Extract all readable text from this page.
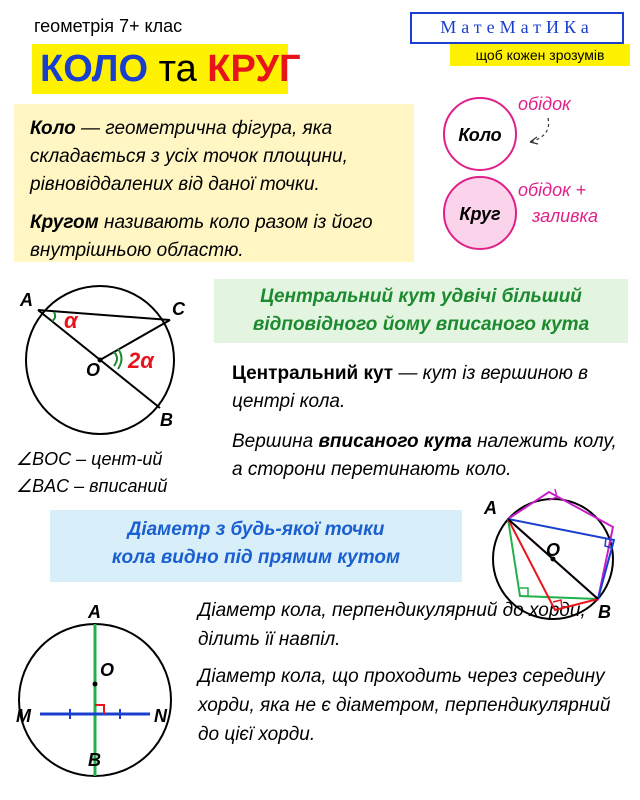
геометрія 7+ клас
КОЛО та КРУГ
МатеМатИКа
щоб кожен зрозумів

Коло — геометрична фігура, яка складається з усіх точок площини, рівновіддалених від даної точки.

Кругом називають коло разом із його внутрішньою областю.

Центральний кут удвічі більший
відповідного йому вписаного кута

Центральний кут — кут із вершиною в центрі кола.

Вершина вписаного кута належить колу, а сторони перетинають коло.

∠BOC – цент-ий
∠BAC – вписаний
Діаметр з будь-якої точки
кола видно під прямим кутом

Діаметр кола, перпендикулярний до хорди, ділить її навпіл.

Діаметр кола, що проходить через середину хорди, яка не є діаметром, перпендикулярний до цієї хорди.

Коло
Круг
обідок
обідок +
заливка
A	C
O
B
α
2α
A
O
B
A
O
M	N
B
